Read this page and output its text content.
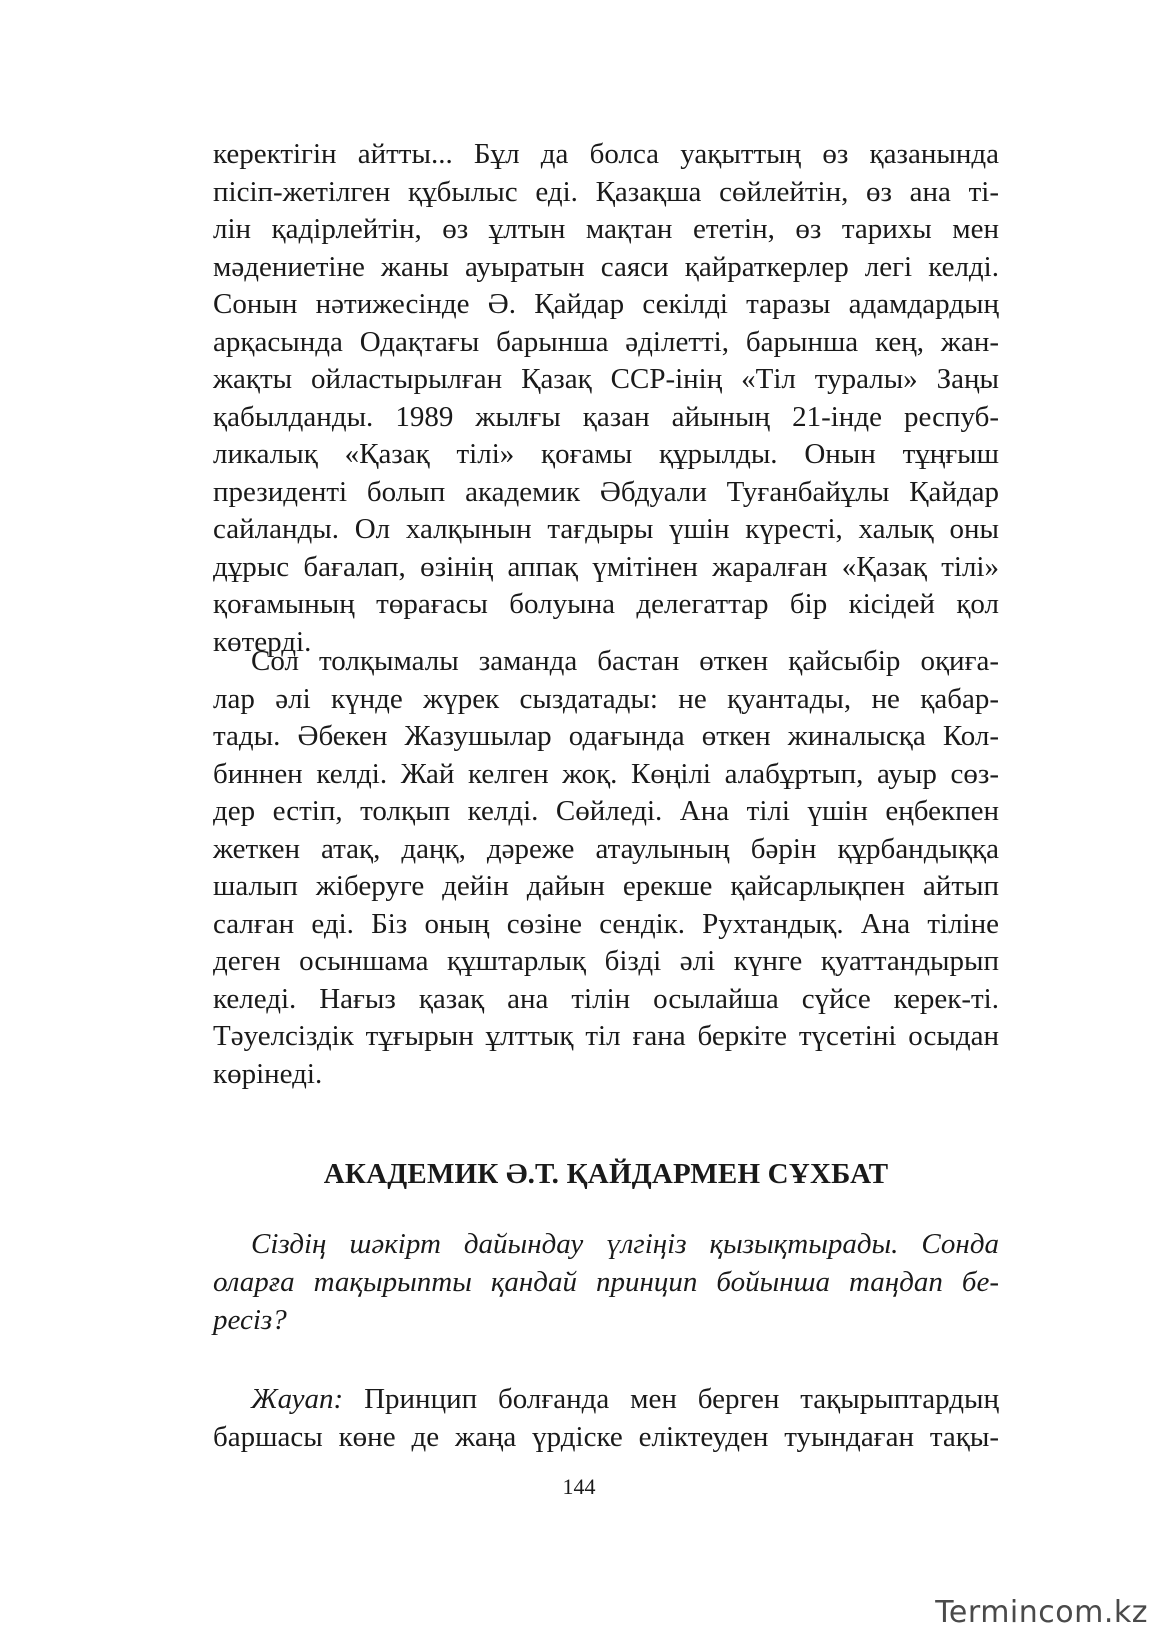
керектігін айтты... Бұл да болса уақыттың өз қазанында
пісіп-жетілген құбылыс еді. Қазақша сөйлейтін, өз ана ті-
лін қадірлейтін, өз ұлтын мақтан ететін, өз тарихы мен
мәдениетіне жаны ауыратын саяси қайраткерлер легі келді.
Сонын нәтижесінде Ә. Қайдар секілді таразы адамдардың
арқасында Одақтағы барынша әділетті, барынша кең, жан-
жақты ойластырылған Қазақ ССР-інің «Тіл туралы» Заңы
қабылданды. 1989 жылғы қазан айының 21-інде респуб-
ликалық «Қазақ тілі» қоғамы құрылды. Онын тұңғыш
президенті болып академик Әбдуали Туғанбайұлы Қайдар
сайланды. Ол халқынын тағдыры үшін күресті, халық оны
дұрыс бағалап, өзінің аппақ үмітінен жаралған «Қазақ тілі»
қоғамының төрағасы болуына делегаттар бір кісідей қол
көтерді.
Сол толқымалы заманда бастан өткен қайсыбір оқиға-
лар әлі күнде жүрек сыздатады: не қуантады, не қабар-
тады. Әбекен Жазушылар одағында өткен жиналысқа Кол-
биннен келді. Жай келген жоқ. Көңілі алабұртып, ауыр сөз-
дер естіп, толқып келді. Сөйледі. Ана тілі үшін еңбекпен
жеткен атақ, даңқ, дәреже атаулының бәрін құрбандыққа
шалып жіберуге дейін дайын ерекше қайсарлықпен айтып
салған еді. Біз оның сөзіне сендік. Рухтандық. Ана тіліне
деген осыншама құштарлық бізді әлі күнге қуаттандырып
келеді. Нағыз қазақ ана тілін осылайша сүйсе керек-ті.
Тәуелсіздік тұғырын ұлттық тіл ғана беркіте түсетіні осыдан
көрінеді.
АКАДЕМИК Ә.Т. ҚАЙДАРМЕН СҰХБАТ
Сіздің шәкірт дайындау үлгіңіз қызықтырады. Сонда
оларға тақырыпты қандай принцип бойынша таңдап бе-
ресіз?
Жауап: Принцип болғанда мен берген тақырыптардың
баршасы көне де жаңа үрдіске еліктеуден туындаған тақы-
144
Termincom.kz
